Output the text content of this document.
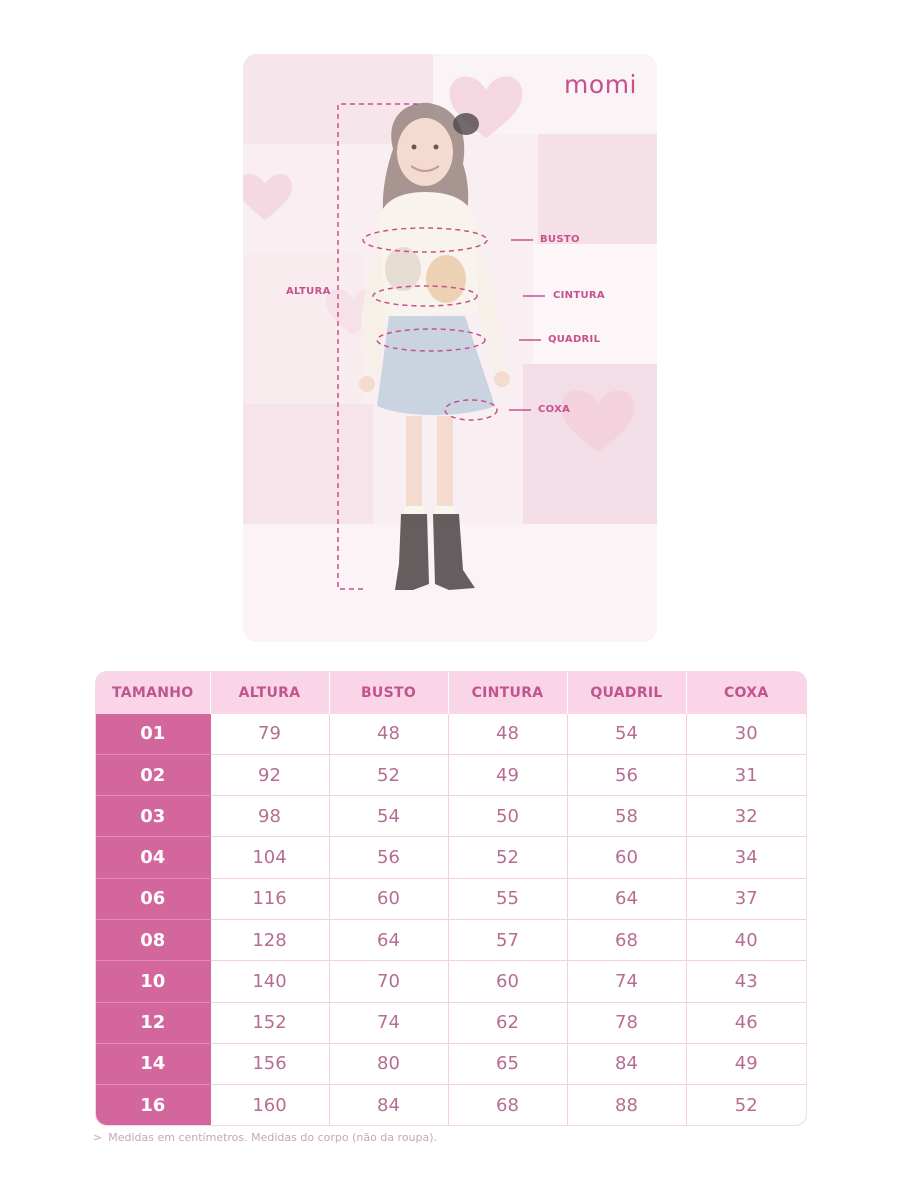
momi
ALTURA
BUSTO
CINTURA
QUADRIL
COXA
TAMANHO	ALTURA	BUSTO	CINTURA	QUADRIL	COXA
01	79	48	48	54	30
02	92	52	49	56	31
03	98	54	50	58	32
04	104	56	52	60	34
06	116	60	55	64	37
08	128	64	57	68	40
10	140	70	60	74	43
12	152	74	62	78	46
14	156	80	65	84	49
16	160	84	68	88	52
> Medidas em centímetros. Medidas do corpo (não da roupa).
